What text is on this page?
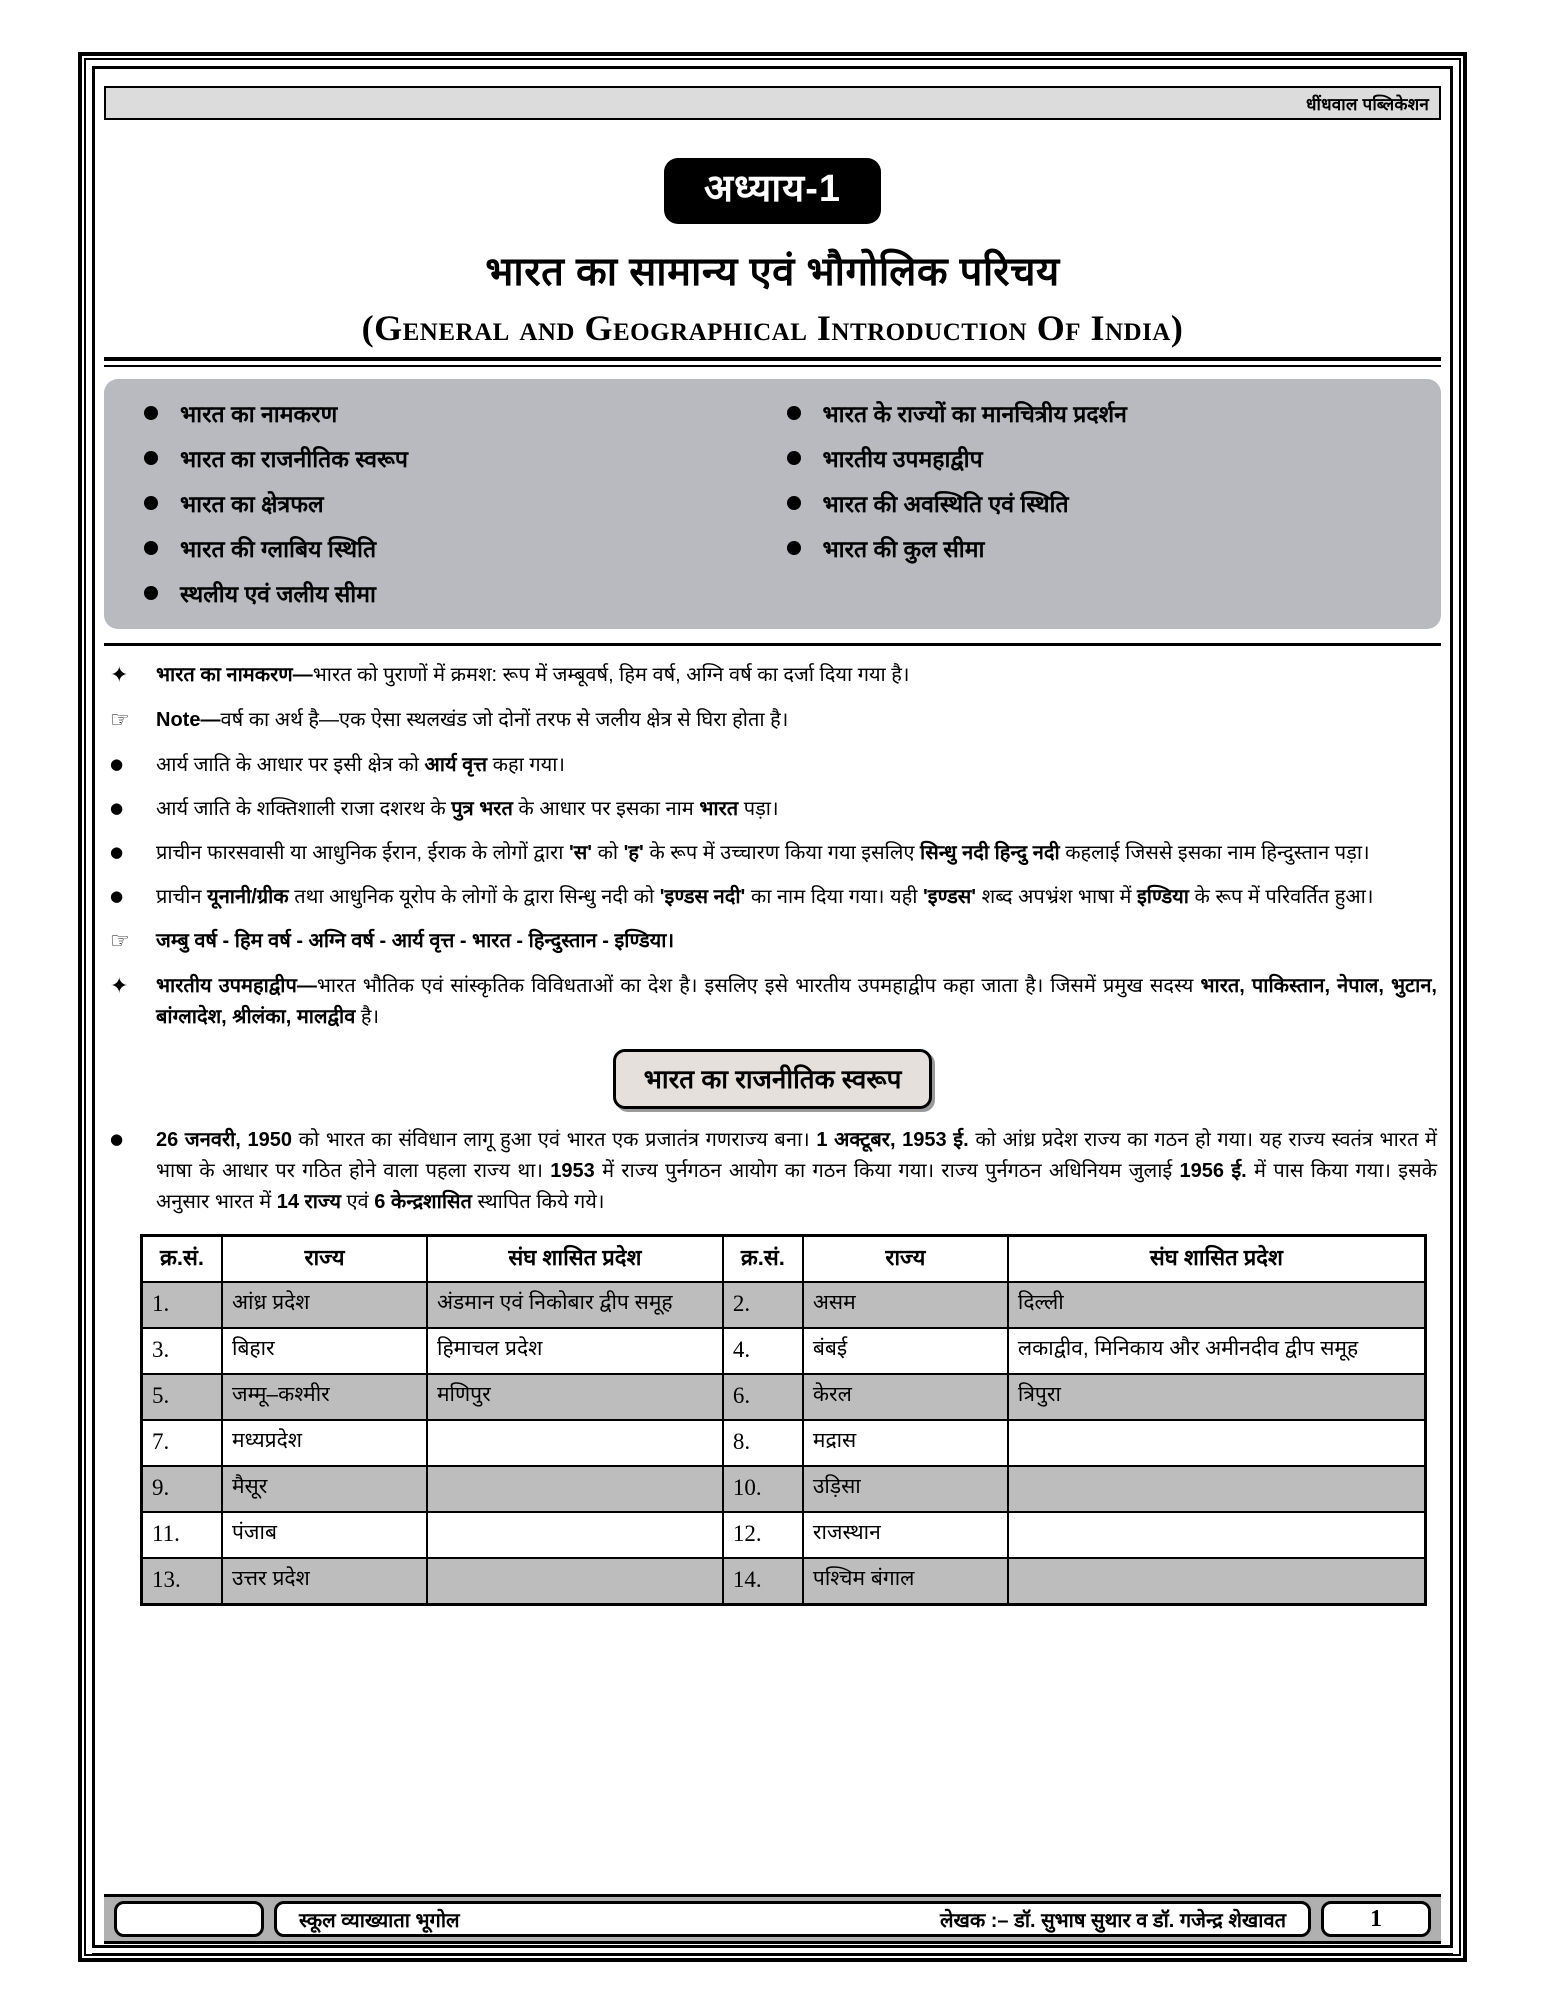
धींधवाल पब्लिकेशन
अध्याय-1
भारत का सामान्य एवं भौगोलिक परिचय
(General and Geographical Introduction Of India)
भारत का नामकरण
भारत का राजनीतिक स्वरूप
भारत का क्षेत्रफल
भारत की ग्लाबिय स्थिति
स्थलीय एवं जलीय सीमा
भारत के राज्यों का मानचित्रीय प्रदर्शन
भारतीय उपमहाद्वीप
भारत की अवस्थिति एवं स्थिति
भारत की कुल सीमा
✦	भारत का नामकरण—भारत को पुराणों में क्रमश: रूप में जम्बूवर्ष, हिम वर्ष, अग्नि वर्ष का दर्जा दिया गया है।
☞	Note—वर्ष का अर्थ है—एक ऐसा स्थलखंड जो दोनों तरफ से जलीय क्षेत्र से घिरा होता है।
●	आर्य जाति के आधार पर इसी क्षेत्र को आर्य वृत्त कहा गया।
●	आर्य जाति के शक्तिशाली राजा दशरथ के पुत्र भरत के आधार पर इसका नाम भारत पड़ा।
●	प्राचीन फारसवासी या आधुनिक ईरान, ईराक के लोगों द्वारा 'स' को 'ह' के रूप में उच्चारण किया गया इसलिए सिन्धु नदी हिन्दु नदी कहलाई जिससे इसका नाम हिन्दुस्तान पड़ा।
●	प्राचीन यूनानी/ग्रीक तथा आधुनिक यूरोप के लोगों के द्वारा सिन्धु नदी को 'इण्डस नदी' का नाम दिया गया। यही 'इण्डस' शब्द अपभ्रंश भाषा में इण्डिया के रूप में परिवर्तित हुआ।
☞	जम्बु वर्ष - हिम वर्ष - अग्नि वर्ष - आर्य वृत्त - भारत - हिन्दुस्तान - इण्डिया।
✦	भारतीय उपमहाद्वीप—भारत भौतिक एवं सांस्कृतिक विविधताओं का देश है। इसलिए इसे भारतीय उपमहाद्वीप कहा जाता है। जिसमें प्रमुख सदस्य भारत, पाकिस्तान, नेपाल, भुटान, बांग्लादेश, श्रीलंका, मालद्वीव है।
भारत का राजनीतिक स्वरूप
●	26 जनवरी, 1950 को भारत का संविधान लागू हुआ एवं भारत एक प्रजातंत्र गणराज्य बना। 1 अक्टूबर, 1953 ई. को आंध्र प्रदेश राज्य का गठन हो गया। यह राज्य स्वतंत्र भारत में भाषा के आधार पर गठित होने वाला पहला राज्य था। 1953 में राज्य पुर्नगठन आयोग का गठन किया गया। राज्य पुर्नगठन अधिनियम जुलाई 1956 ई. में पास किया गया। इसके अनुसार भारत में 14 राज्य एवं 6 केन्द्रशासित स्थापित किये गये।
क्र.सं.	राज्य	संघ शासित प्रदेश	क्र.सं.	राज्य	संघ शासित प्रदेश
1.	आंध्र प्रदेश	अंडमान एवं निकोबार द्वीप समूह	2.	असम	दिल्ली
3.	बिहार	हिमाचल प्रदेश	4.	बंबई	लकाद्वीव, मिनिकाय और अमीनदीव द्वीप समूह
5.	जम्मू–कश्मीर	मणिपुर	6.	केरल	त्रिपुरा
7.	मध्यप्रदेश		8.	मद्रास	
9.	मैसूर		10.	उड़िसा	
11.	पंजाब		12.	राजस्थान	
13.	उत्तर प्रदेश		14.	पश्चिम बंगाल	
स्कूल व्याख्याता भूगोल	लेखक :– डॉ. सुभाष सुथार व डॉ. गजेन्द्र शेखावत	1
